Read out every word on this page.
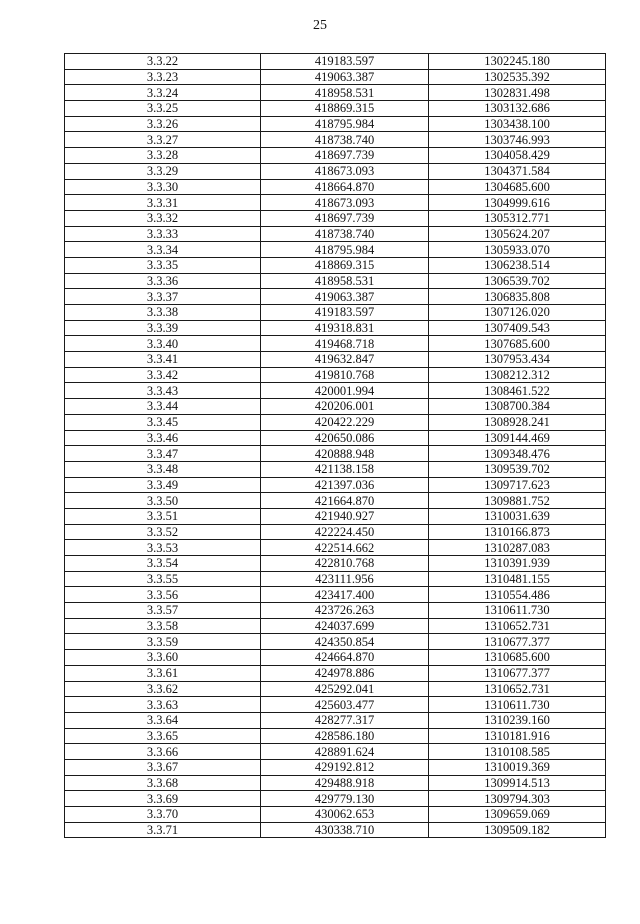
25
3.3.22	419183.597	1302245.180
3.3.23	419063.387	1302535.392
3.3.24	418958.531	1302831.498
3.3.25	418869.315	1303132.686
3.3.26	418795.984	1303438.100
3.3.27	418738.740	1303746.993
3.3.28	418697.739	1304058.429
3.3.29	418673.093	1304371.584
3.3.30	418664.870	1304685.600
3.3.31	418673.093	1304999.616
3.3.32	418697.739	1305312.771
3.3.33	418738.740	1305624.207
3.3.34	418795.984	1305933.070
3.3.35	418869.315	1306238.514
3.3.36	418958.531	1306539.702
3.3.37	419063.387	1306835.808
3.3.38	419183.597	1307126.020
3.3.39	419318.831	1307409.543
3.3.40	419468.718	1307685.600
3.3.41	419632.847	1307953.434
3.3.42	419810.768	1308212.312
3.3.43	420001.994	1308461.522
3.3.44	420206.001	1308700.384
3.3.45	420422.229	1308928.241
3.3.46	420650.086	1309144.469
3.3.47	420888.948	1309348.476
3.3.48	421138.158	1309539.702
3.3.49	421397.036	1309717.623
3.3.50	421664.870	1309881.752
3.3.51	421940.927	1310031.639
3.3.52	422224.450	1310166.873
3.3.53	422514.662	1310287.083
3.3.54	422810.768	1310391.939
3.3.55	423111.956	1310481.155
3.3.56	423417.400	1310554.486
3.3.57	423726.263	1310611.730
3.3.58	424037.699	1310652.731
3.3.59	424350.854	1310677.377
3.3.60	424664.870	1310685.600
3.3.61	424978.886	1310677.377
3.3.62	425292.041	1310652.731
3.3.63	425603.477	1310611.730
3.3.64	428277.317	1310239.160
3.3.65	428586.180	1310181.916
3.3.66	428891.624	1310108.585
3.3.67	429192.812	1310019.369
3.3.68	429488.918	1309914.513
3.3.69	429779.130	1309794.303
3.3.70	430062.653	1309659.069
3.3.71	430338.710	1309509.182
